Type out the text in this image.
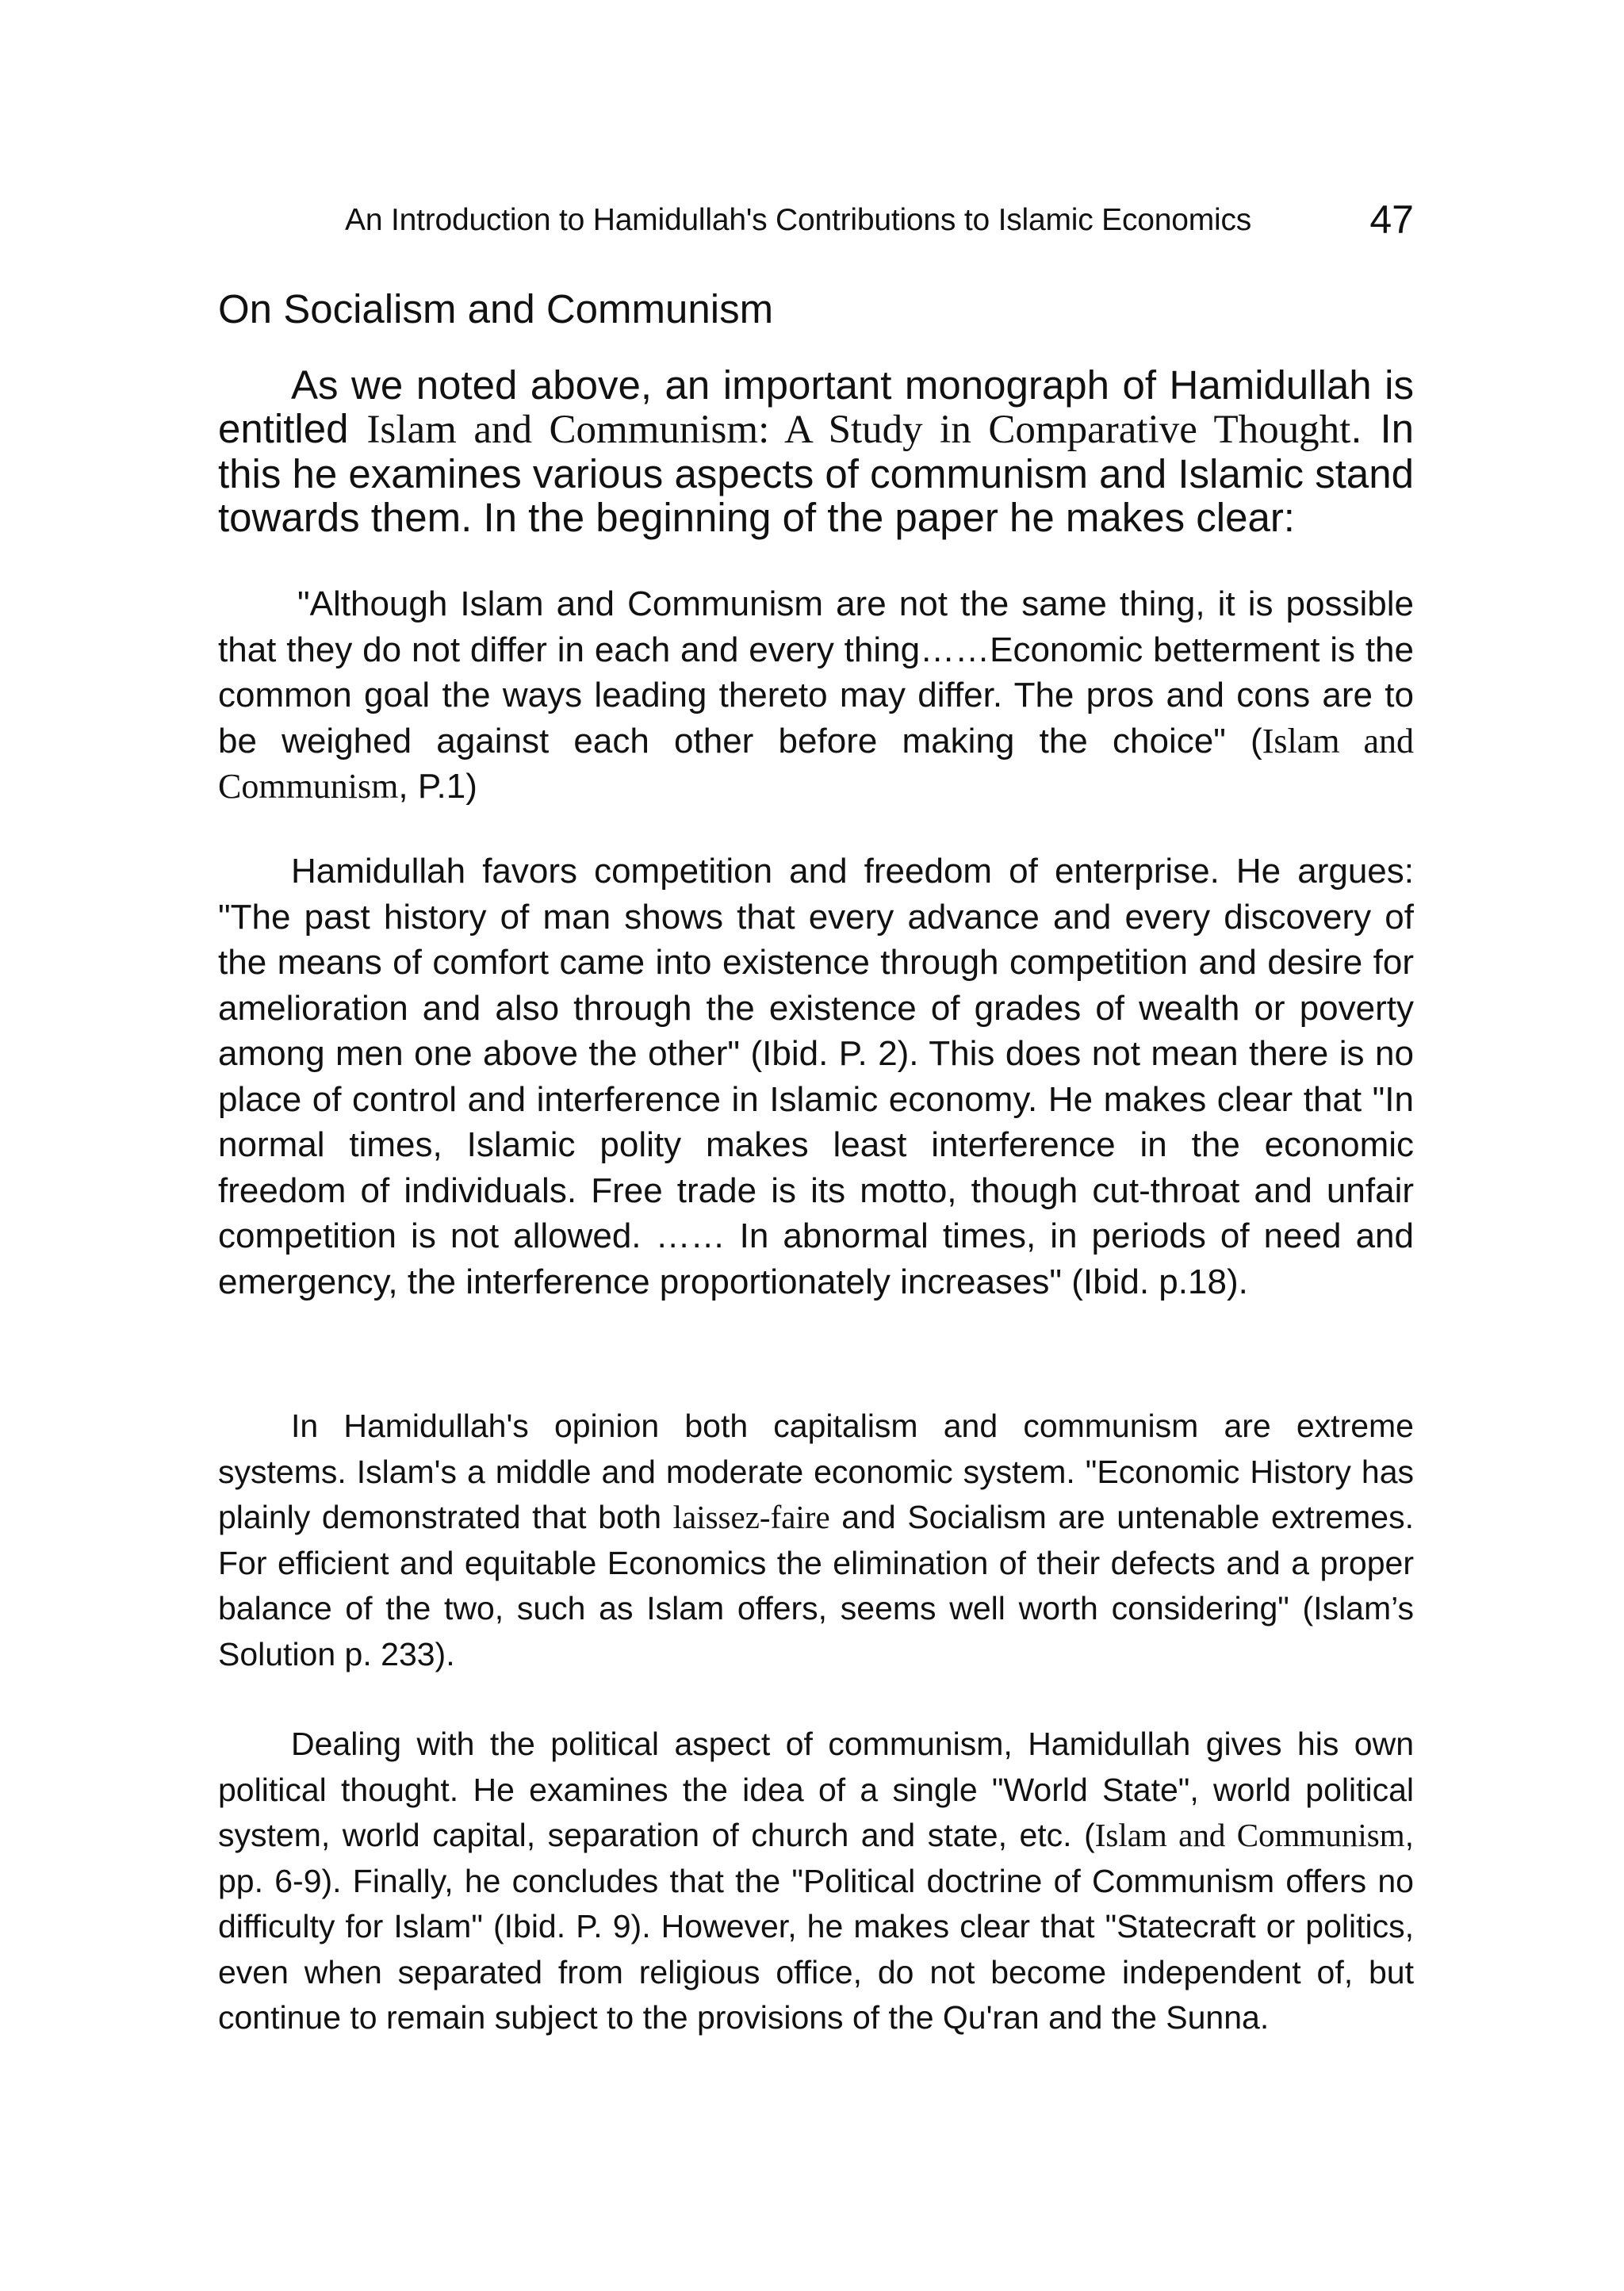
An Introduction to Hamidullah's Contributions to Islamic Economics	47
On Socialism and Communism

As we noted above, an important monograph of Hamidullah is entitled Islam and Communism: A Study in Comparative Thought. In this he examines various aspects of communism and Islamic stand towards them. In the beginning of the paper he makes clear:

"Although Islam and Communism are not the same thing, it is possible that they do not differ in each and every thing……Economic betterment is the common goal the ways leading thereto may differ. The pros and cons are to be weighed against each other before making the choice" (Islam and Communism, P.1)

Hamidullah favors competition and freedom of enterprise. He argues: "The past history of man shows that every advance and every discovery of the means of comfort came into existence through competition and desire for amelioration and also through the existence of grades of wealth or poverty among men one above the other" (Ibid. P. 2). This does not mean there is no place of control and interference in Islamic economy. He makes clear that "In normal times, Islamic polity makes least interference in the economic freedom of individuals. Free trade is its motto, though cut-throat and unfair competition is not allowed. …… In abnormal times, in periods of need and emergency, the interference proportionately increases" (Ibid. p.18).

In Hamidullah's opinion both capitalism and communism are extreme systems. Islam's a middle and moderate economic system. "Economic History has plainly demonstrated that both laissez-faire and Socialism are untenable extremes. For efficient and equitable Economics the elimination of their defects and a proper balance of the two, such as Islam offers, seems well worth considering" (Islam’s Solution p. 233).

Dealing with the political aspect of communism, Hamidullah gives his own political thought. He examines the idea of a single "World State", world political system, world capital, separation of church and state, etc. (Islam and Communism, pp. 6-9). Finally, he concludes that the "Political doctrine of Communism offers no difficulty for Islam" (Ibid. P. 9). However, he makes clear that "Statecraft or politics, even when separated from religious office, do not become independent of, but continue to remain subject to the provisions of the Qu'ran and the Sunna.
